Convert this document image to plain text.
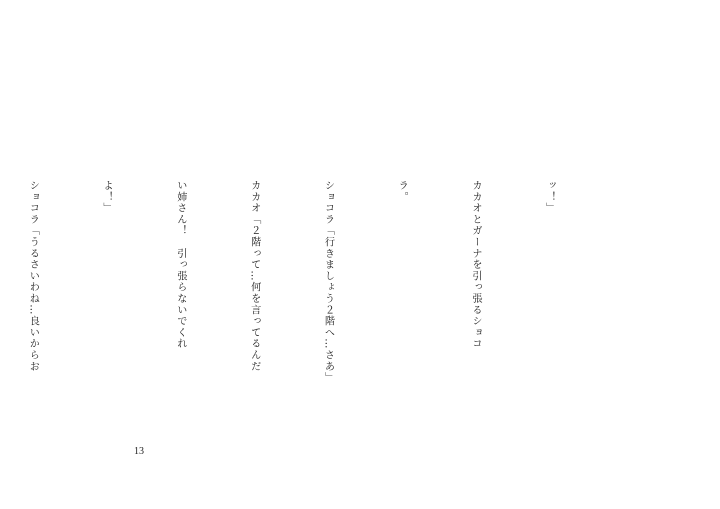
ッ！」

カカオとガーナを引っ張るショコ

ラ。

ショコラ「行きましょう２階へ…さあ」

カカオ「２階って…何を言ってるんだ

い姉さん！　引っ張らないでくれ

よ！」

ショコラ「うるさいわね…良いからお

13
